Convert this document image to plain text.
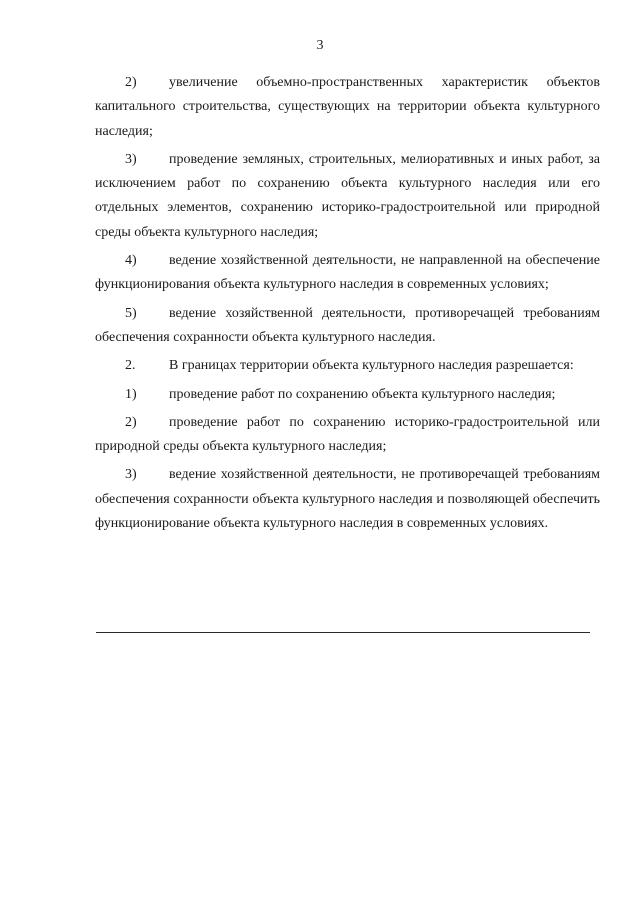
3

2) увеличение объемно-пространственных характеристик объектов капитального строительства, существующих на территории объекта культурного наследия;

3) проведение земляных, строительных, мелиоративных и иных работ, за исключением работ по сохранению объекта культурного наследия или его отдельных элементов, сохранению историко-градостроительной или природной среды объекта культурного наследия;

4) ведение хозяйственной деятельности, не направленной на обеспечение функционирования объекта культурного наследия в современных условиях;

5) ведение хозяйственной деятельности, противоречащей требованиям обеспечения сохранности объекта культурного наследия.

2. В границах территории объекта культурного наследия разрешается:

1) проведение работ по сохранению объекта культурного наследия;

2) проведение работ по сохранению историко-градостроительной или природной среды объекта культурного наследия;

3) ведение хозяйственной деятельности, не противоречащей требованиям обеспечения сохранности объекта культурного наследия и позволяющей обеспечить функционирование объекта культурного наследия в современных условиях.
